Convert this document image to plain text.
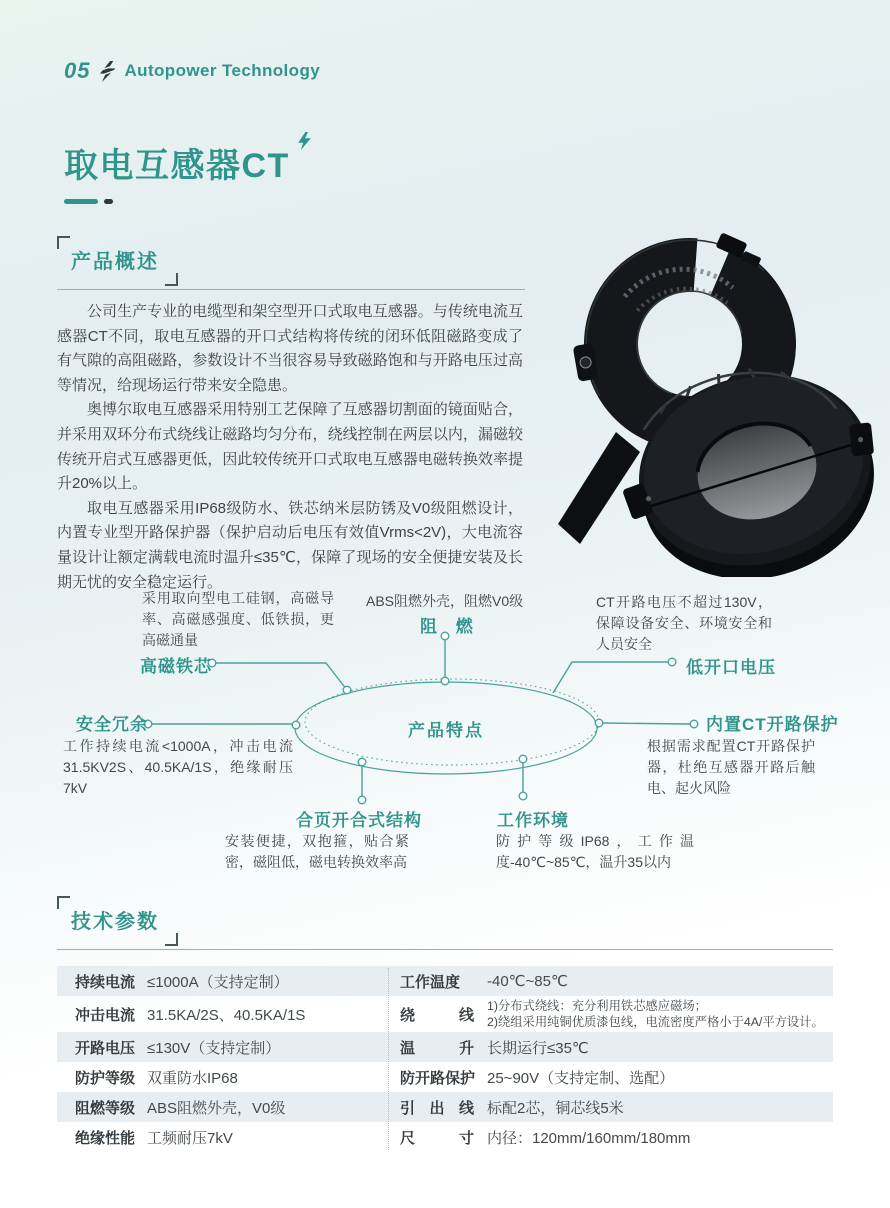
05 Autopower Technology
取电互感器CT
产品概述

公司生产专业的电缆型和架空型开口式取电互感器。与传统电流互感器CT不同，取电互感器的开口式结构将传统的闭环低阻磁路变成了有气隙的高阻磁路，参数设计不当很容易导致磁路饱和与开路电压过高等情况，给现场运行带来安全隐患。

奥博尔取电互感器采用特别工艺保障了互感器切割面的镜面贴合，并采用双环分布式绕线让磁路均匀分布，绕线控制在两层以内，漏磁较传统开启式互感器更低，因此较传统开口式取电互感器电磁转换效率提升20%以上。

取电互感器采用IP68级防水、铁芯纳米层防锈及V0级阻燃设计，内置专业型开路保护器（保护启动后电压有效值Vrms<2V)，大电流容量设计让额定满载电流时温升≤35℃，保障了现场的安全便捷安装及长期无忧的安全稳定运行。

产品特点
采用取向型电工硅钢，高磁导率、高磁感强度、低铁损，更高磁通量
高磁铁芯
ABS阻燃外壳，阻燃V0级
阻 燃
CT开路电压不超过130V，保障设备安全、环境安全和人员安全
低开口电压
安全冗余
工作持续电流<1000A，冲击电流31.5KV2S、40.5KA/1S，绝缘耐压7kV
内置CT开路保护
根据需求配置CT开路保护器，杜绝互感器开路后触电、起火风险
合页开合式结构
安装便捷，双抱箍，贴合紧密，磁阻低，磁电转换效率高
工作环境
防护等级IP68，工作温度-40℃~85℃，温升35以内
技术参数
持续电流 ≤1000A（支持定制）	工作温度	-40℃~85℃
冲击电流 31.5KA/2S、40.5KA/1S	绕线
1)分布式绕线：充分利用铁芯感应磁场；
2)绕组采用纯铜优质漆包线，电流密度严格小于4A/平方设计。
开路电压 ≤130V（支持定制）	温升 长期运行≤35℃
防护等级 双重防水IP68	防开路保护 25~90V（支持定制、选配）
阻燃等级 ABS阻燃外壳，V0级	引出线 标配2芯，铜芯线5米
绝缘性能 工频耐压7kV	尺寸 内径：120mm/160mm/180mm
